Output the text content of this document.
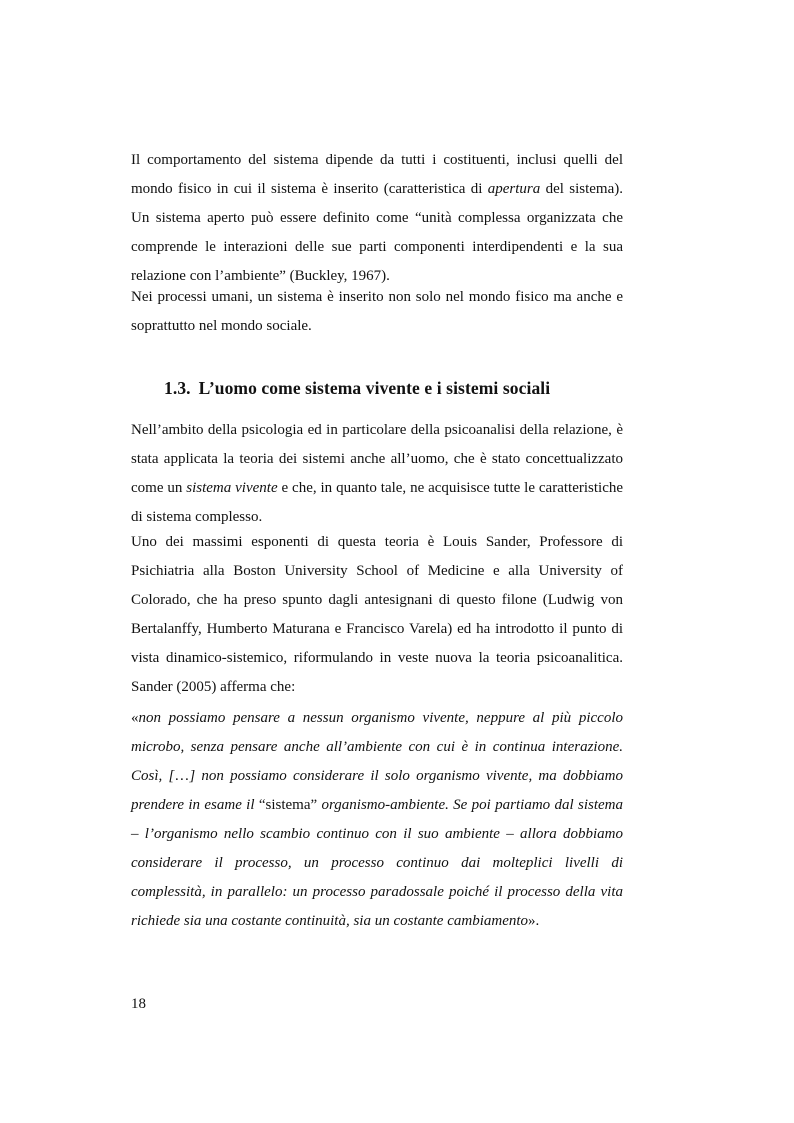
Il comportamento del sistema dipende da tutti i costituenti, inclusi quelli del mondo fisico in cui il sistema è inserito (caratteristica di apertura del sistema). Un sistema aperto può essere definito come “unità complessa organizzata che comprende le interazioni delle sue parti componenti interdipendenti e la sua relazione con l’ambiente” (Buckley, 1967).

Nei processi umani, un sistema è inserito non solo nel mondo fisico ma anche e soprattutto nel mondo sociale.

1.3. L’uomo come sistema vivente e i sistemi sociali

Nell’ambito della psicologia ed in particolare della psicoanalisi della relazione, è stata applicata la teoria dei sistemi anche all’uomo, che è stato concettualizzato come un sistema vivente e che, in quanto tale, ne acquisisce tutte le caratteristiche di sistema complesso.

Uno dei massimi esponenti di questa teoria è Louis Sander, Professore di Psichiatria alla Boston University School of Medicine e alla University of Colorado, che ha preso spunto dagli antesignani di questo filone (Ludwig von Bertalanffy, Humberto Maturana e Francisco Varela) ed ha introdotto il punto di vista dinamico-sistemico, riformulando in veste nuova la teoria psicoanalitica. Sander (2005) afferma che:

«non possiamo pensare a nessun organismo vivente, neppure al più piccolo microbo, senza pensare anche all’ambiente con cui è in continua interazione. Così, […] non possiamo considerare il solo organismo vivente, ma dobbiamo prendere in esame il “sistema” organismo-ambiente. Se poi partiamo dal sistema – l’organismo nello scambio continuo con il suo ambiente – allora dobbiamo considerare il processo, un processo continuo dai molteplici livelli di complessità, in parallelo: un processo paradossale poiché il processo della vita richiede sia una costante continuità, sia un costante cambiamento».

18
